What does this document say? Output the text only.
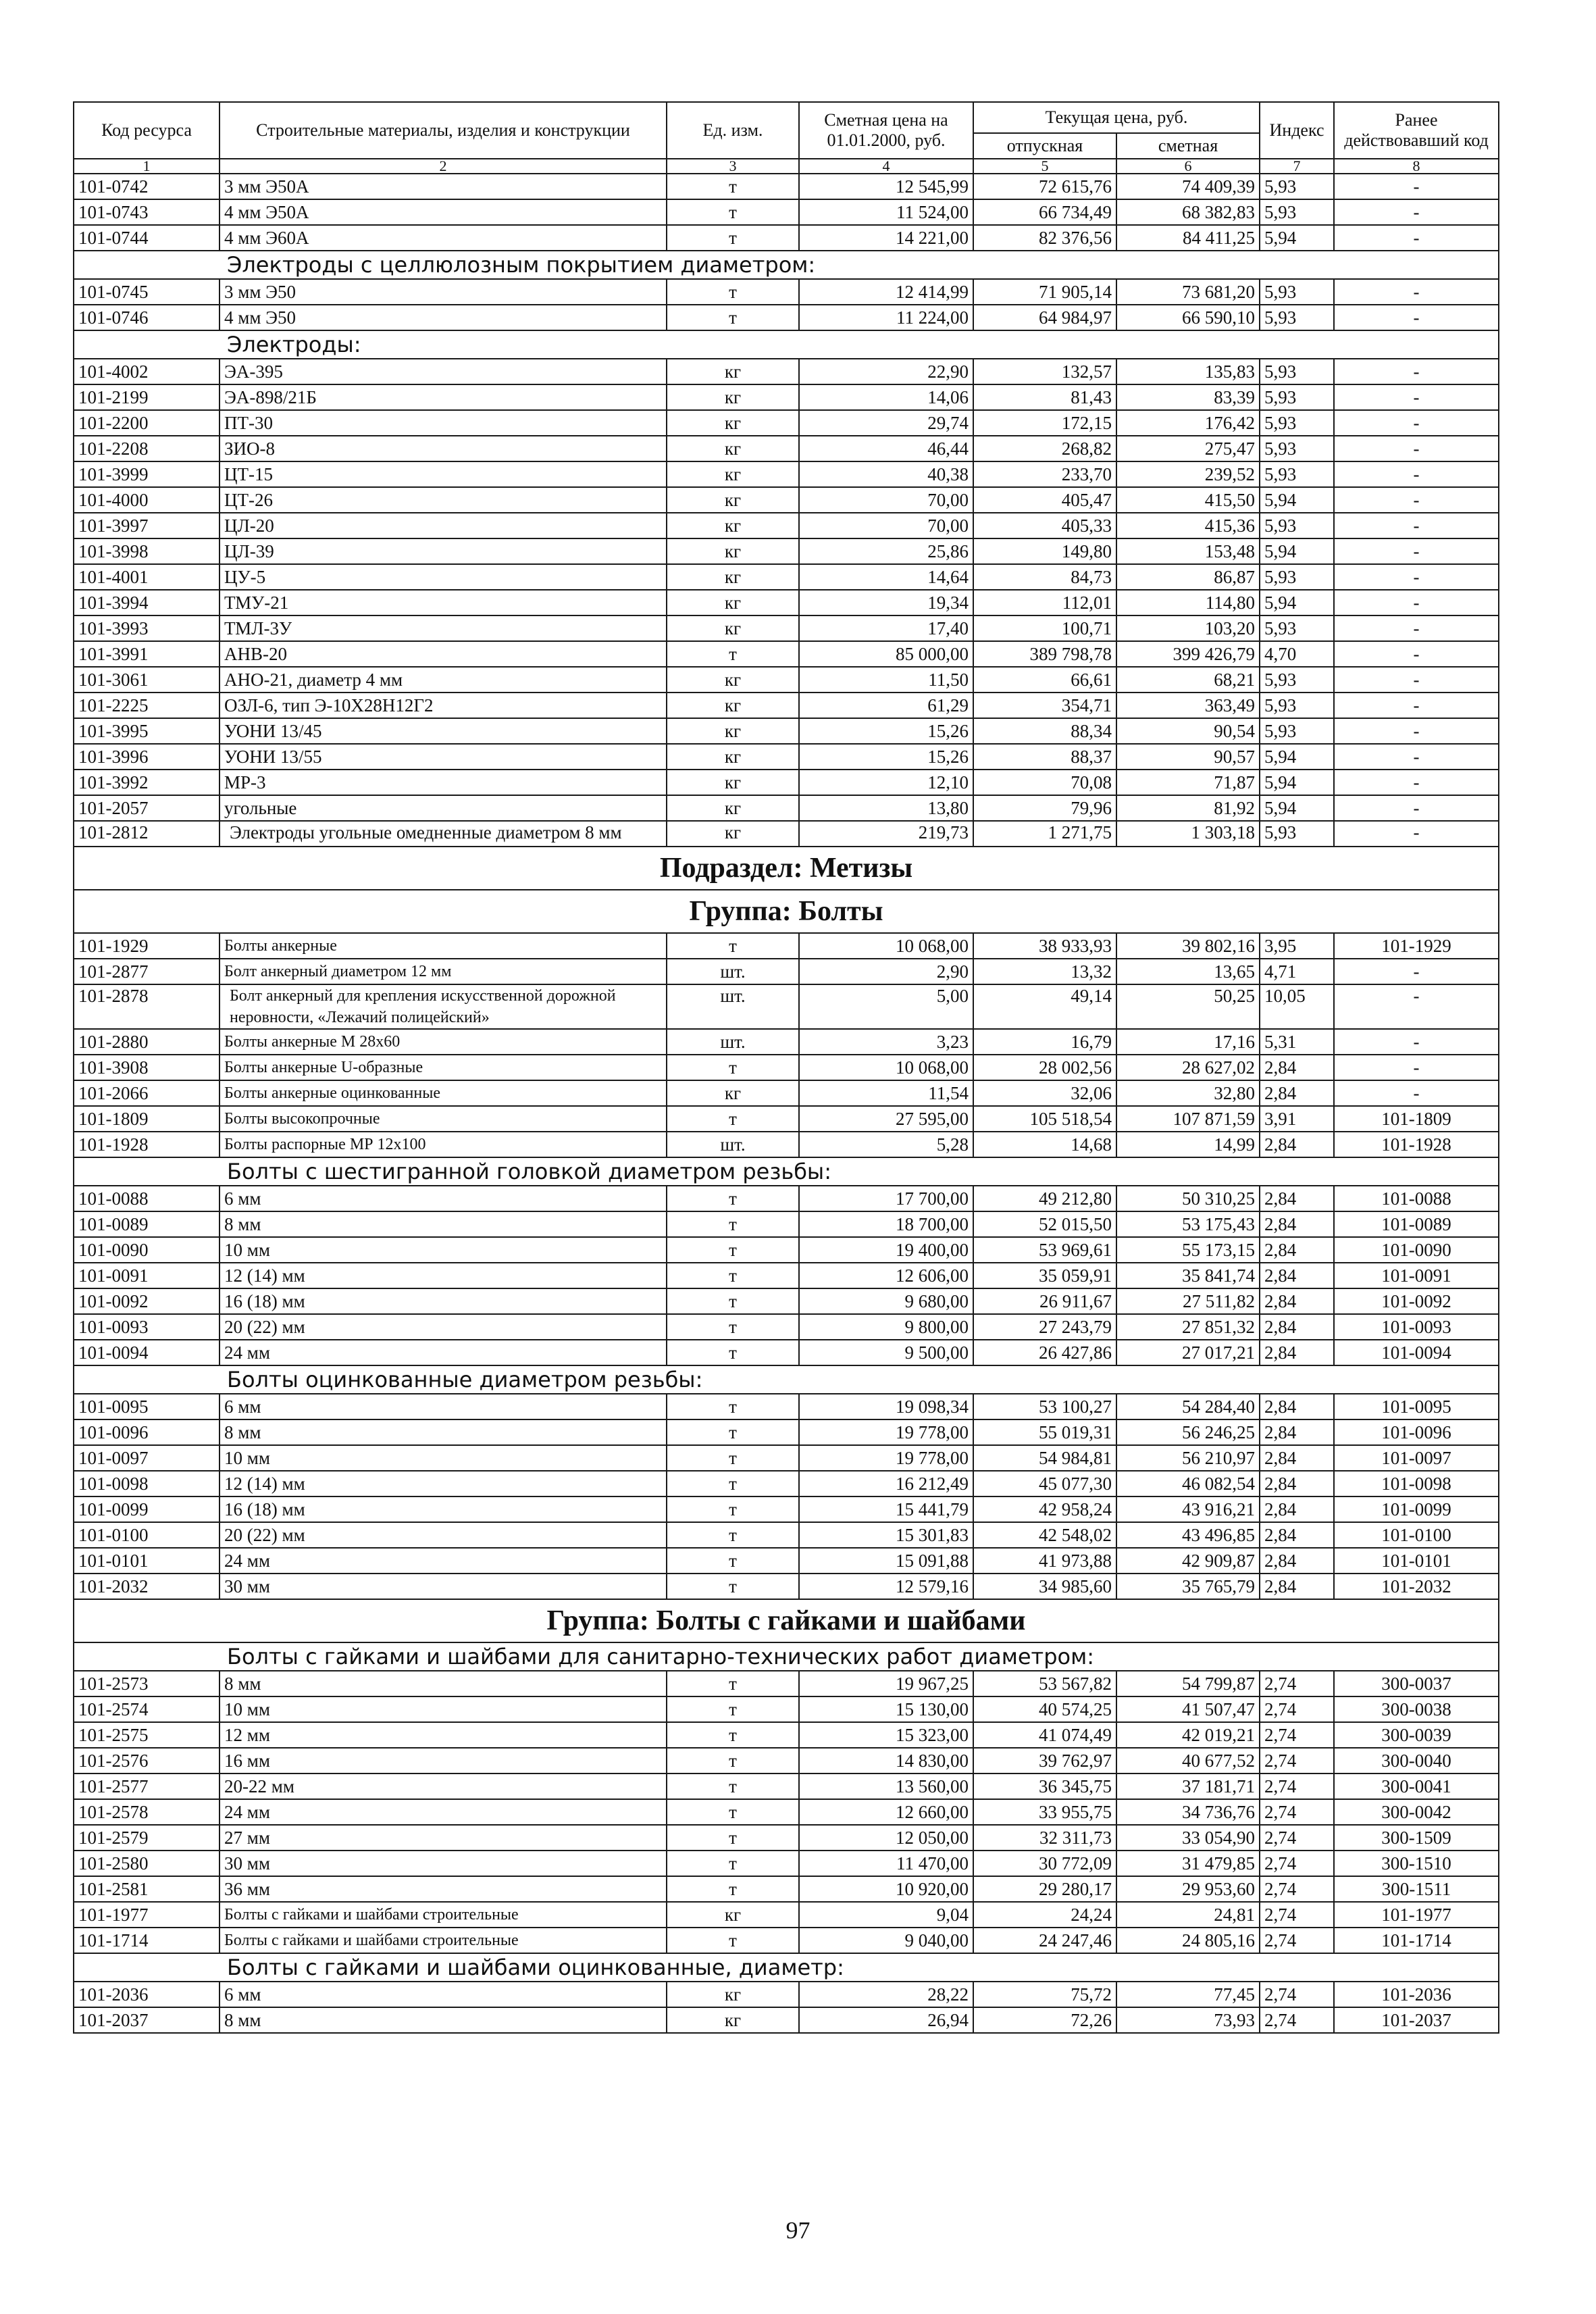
Код ресурса	Строительные материалы, изделия и конструкции	Ед. изм.	Сметная цена на 01.01.2000, руб.	Текущая цена, руб.		Индекс	Ранее действовавший код
				отпускная	сметная		
1	2	3	4	5	6	7	8
101-0742	3 мм Э50А	т	12 545,99	72 615,76	74 409,39	5,93	-
101-0743	4 мм Э50А	т	11 524,00	66 734,49	68 382,83	5,93	-
101-0744	4 мм Э60А	т	14 221,00	82 376,56	84 411,25	5,94	-
Электроды с целлюлозным покрытием диаметром:							
101-0745	3 мм Э50	т	12 414,99	71 905,14	73 681,20	5,93	-
101-0746	4 мм Э50	т	11 224,00	64 984,97	66 590,10	5,93	-
Электроды:							
101-4002	ЭА-395	кг	22,90	132,57	135,83	5,93	-
101-2199	ЭА-898/21Б	кг	14,06	81,43	83,39	5,93	-
101-2200	ПТ-30	кг	29,74	172,15	176,42	5,93	-
101-2208	ЗИО-8	кг	46,44	268,82	275,47	5,93	-
101-3999	ЦТ-15	кг	40,38	233,70	239,52	5,93	-
101-4000	ЦТ-26	кг	70,00	405,47	415,50	5,94	-
101-3997	ЦЛ-20	кг	70,00	405,33	415,36	5,93	-
101-3998	ЦЛ-39	кг	25,86	149,80	153,48	5,94	-
101-4001	ЦУ-5	кг	14,64	84,73	86,87	5,93	-
101-3994	ТМУ-21	кг	19,34	112,01	114,80	5,94	-
101-3993	ТМЛ-3У	кг	17,40	100,71	103,20	5,93	-
101-3991	АНВ-20	т	85 000,00	389 798,78	399 426,79	4,70	-
101-3061	АНО-21, диаметр 4 мм	кг	11,50	66,61	68,21	5,93	-
101-2225	ОЗЛ-6, тип Э-10Х28Н12Г2	кг	61,29	354,71	363,49	5,93	-
101-3995	УОНИ 13/45	кг	15,26	88,34	90,54	5,93	-
101-3996	УОНИ 13/55	кг	15,26	88,37	90,57	5,94	-
101-3992	МР-3	кг	12,10	70,08	71,87	5,94	-
101-2057	угольные	кг	13,80	79,96	81,92	5,94	-
101-2812	Электроды угольные омедненные диаметром 8 мм	кг	219,73	1 271,75	1 303,18	5,93	-
Подраздел: Метизы							
Группа: Болты							
101-1929	Болты анкерные	т	10 068,00	38 933,93	39 802,16	3,95	101-1929
101-2877	Болт анкерный диаметром 12 мм	шт.	2,90	13,32	13,65	4,71	-
101-2878	Болт анкерный для крепления искусственной дорожной неровности, «Лежачий полицейский»	шт.	5,00	49,14	50,25	10,05	-
101-2880	Болты анкерные М 28х60	шт.	3,23	16,79	17,16	5,31	-
101-3908	Болты анкерные U-образные	т	10 068,00	28 002,56	28 627,02	2,84	-
101-2066	Болты анкерные оцинкованные	кг	11,54	32,06	32,80	2,84	-
101-1809	Болты высокопрочные	т	27 595,00	105 518,54	107 871,59	3,91	101-1809
101-1928	Болты распорные МР 12х100	шт.	5,28	14,68	14,99	2,84	101-1928
Болты с шестигранной головкой диаметром резьбы:							
101-0088	6 мм	т	17 700,00	49 212,80	50 310,25	2,84	101-0088
101-0089	8 мм	т	18 700,00	52 015,50	53 175,43	2,84	101-0089
101-0090	10 мм	т	19 400,00	53 969,61	55 173,15	2,84	101-0090
101-0091	12 (14) мм	т	12 606,00	35 059,91	35 841,74	2,84	101-0091
101-0092	16 (18) мм	т	9 680,00	26 911,67	27 511,82	2,84	101-0092
101-0093	20 (22) мм	т	9 800,00	27 243,79	27 851,32	2,84	101-0093
101-0094	24 мм	т	9 500,00	26 427,86	27 017,21	2,84	101-0094
Болты оцинкованные диаметром резьбы:							
101-0095	6 мм	т	19 098,34	53 100,27	54 284,40	2,84	101-0095
101-0096	8 мм	т	19 778,00	55 019,31	56 246,25	2,84	101-0096
101-0097	10 мм	т	19 778,00	54 984,81	56 210,97	2,84	101-0097
101-0098	12 (14) мм	т	16 212,49	45 077,30	46 082,54	2,84	101-0098
101-0099	16 (18) мм	т	15 441,79	42 958,24	43 916,21	2,84	101-0099
101-0100	20 (22) мм	т	15 301,83	42 548,02	43 496,85	2,84	101-0100
101-0101	24 мм	т	15 091,88	41 973,88	42 909,87	2,84	101-0101
101-2032	30 мм	т	12 579,16	34 985,60	35 765,79	2,84	101-2032
Группа: Болты с гайками и шайбами							
Болты с гайками и шайбами для санитарно-технических работ диаметром:							
101-2573	8 мм	т	19 967,25	53 567,82	54 799,87	2,74	300-0037
101-2574	10 мм	т	15 130,00	40 574,25	41 507,47	2,74	300-0038
101-2575	12 мм	т	15 323,00	41 074,49	42 019,21	2,74	300-0039
101-2576	16 мм	т	14 830,00	39 762,97	40 677,52	2,74	300-0040
101-2577	20-22 мм	т	13 560,00	36 345,75	37 181,71	2,74	300-0041
101-2578	24 мм	т	12 660,00	33 955,75	34 736,76	2,74	300-0042
101-2579	27 мм	т	12 050,00	32 311,73	33 054,90	2,74	300-1509
101-2580	30 мм	т	11 470,00	30 772,09	31 479,85	2,74	300-1510
101-2581	36 мм	т	10 920,00	29 280,17	29 953,60	2,74	300-1511
101-1977	Болты с гайками и шайбами строительные	кг	9,04	24,24	24,81	2,74	101-1977
101-1714	Болты с гайками и шайбами строительные	т	9 040,00	24 247,46	24 805,16	2,74	101-1714
Болты с гайками и шайбами оцинкованные, диаметр:							
101-2036	6 мм	кг	28,22	75,72	77,45	2,74	101-2036
101-2037	8 мм	кг	26,94	72,26	73,93	2,74	101-2037
97
